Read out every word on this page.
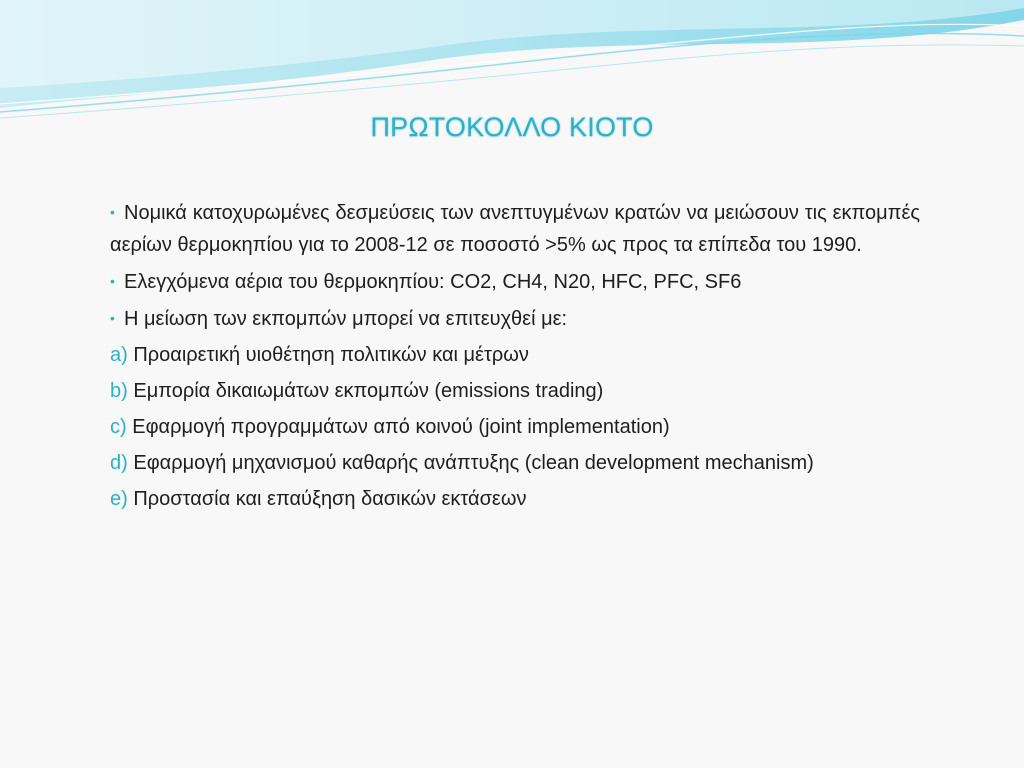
ΠΡΩΤΟΚΟΛΛΟ ΚΙΟΤΟ
• Νομικά κατοχυρωμένες δεσμεύσεις των ανεπτυγμένων κρατών να μειώσουν τις εκπομπές αερίων θερμοκηπίου για το 2008-12 σε ποσοστό >5% ως προς τα επίπεδα του 1990.
• Ελεγχόμενα αέρια του θερμοκηπίου: CO2, CH4, N20, HFC, PFC, SF6
• Η μείωση των εκπομπών μπορεί να επιτευχθεί με:
a) Προαιρετική υιοθέτηση πολιτικών και μέτρων
b) Εμπορία δικαιωμάτων εκπομπών (emissions trading)
c) Εφαρμογή προγραμμάτων από κοινού (joint implementation)
d) Εφαρμογή μηχανισμού καθαρής ανάπτυξης (clean development mechanism)
e) Προστασία και επαύξηση δασικών εκτάσεων
